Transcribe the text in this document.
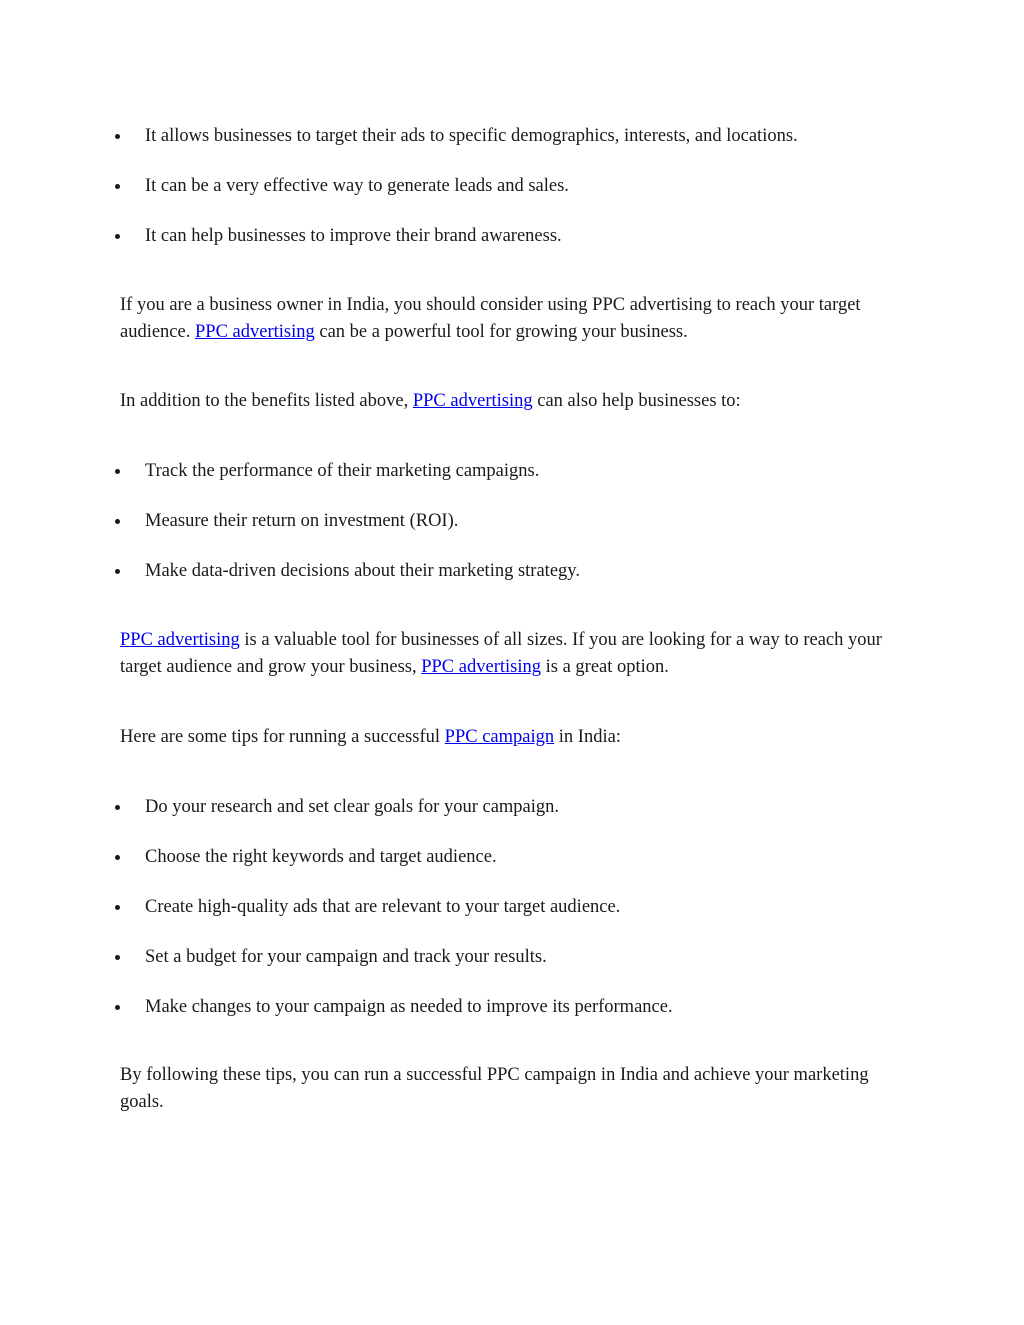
It allows businesses to target their ads to specific demographics, interests, and locations.
It can be a very effective way to generate leads and sales.
It can help businesses to improve their brand awareness.

If you are a business owner in India, you should consider using PPC advertising to reach your target audience. PPC advertising can be a powerful tool for growing your business.

In addition to the benefits listed above, PPC advertising can also help businesses to:

Track the performance of their marketing campaigns.
Measure their return on investment (ROI).
Make data-driven decisions about their marketing strategy.

PPC advertising is a valuable tool for businesses of all sizes. If you are looking for a way to reach your target audience and grow your business, PPC advertising is a great option.

Here are some tips for running a successful PPC campaign in India:

Do your research and set clear goals for your campaign.
Choose the right keywords and target audience.
Create high-quality ads that are relevant to your target audience.
Set a budget for your campaign and track your results.
Make changes to your campaign as needed to improve its performance.

By following these tips, you can run a successful PPC campaign in India and achieve your marketing goals.
